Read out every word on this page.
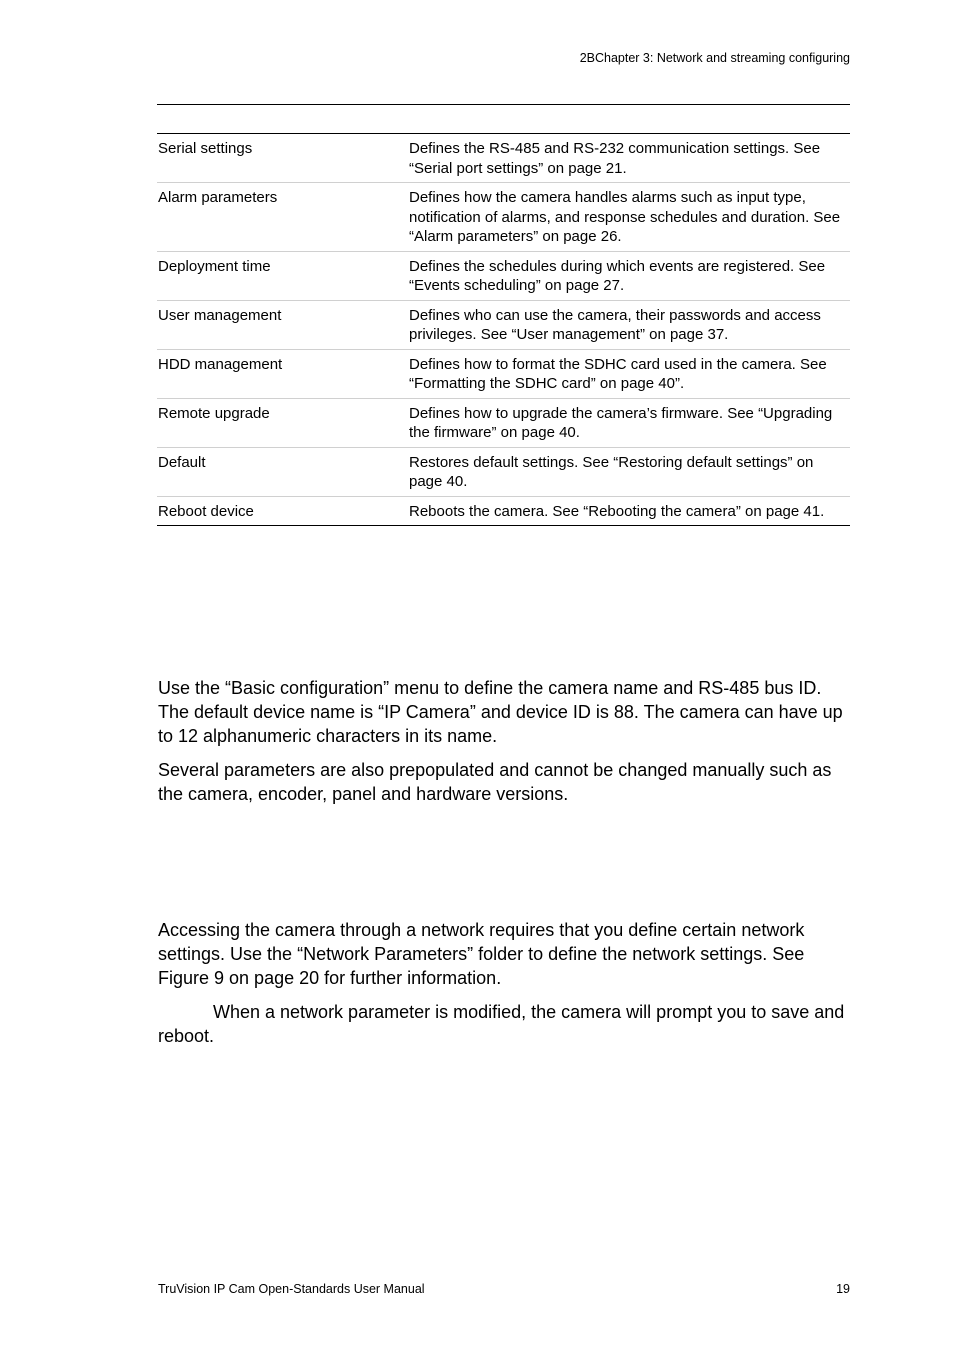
2BChapter 3: Network and streaming configuring
Serial settings	Defines the RS-485 and RS-232 communication settings. See “Serial port settings” on page 21.
Alarm parameters	Defines how the camera handles alarms such as input type, notification of alarms, and response schedules and duration. See “Alarm parameters” on page 26.
Deployment time	Defines the schedules during which events are registered. See “Events scheduling” on page 27.
User management	Defines who can use the camera, their passwords and access privileges. See “User management” on page 37.
HDD management	Defines how to format the SDHC card used in the camera. See “Formatting the SDHC card” on page 40”.
Remote upgrade	Defines how to upgrade the camera’s firmware. See “Upgrading the firmware” on page 40.
Default	Restores default settings. See “Restoring default settings” on page 40.
Reboot device	Reboots the camera. See “Rebooting the camera” on page 41.

Use the “Basic configuration” menu to define the camera name and RS-485 bus ID. The default device name is “IP Camera” and device ID is 88. The camera can have up to 12 alphanumeric characters in its name.

Several parameters are also prepopulated and cannot be changed manually such as the camera, encoder, panel and hardware versions.

Accessing the camera through a network requires that you define certain network settings. Use the “Network Parameters” folder to define the network settings. See Figure 9 on page 20 for further information.

When a network parameter is modified, the camera will prompt you to save and reboot.

TruVision IP Cam Open-Standards User Manual	19
